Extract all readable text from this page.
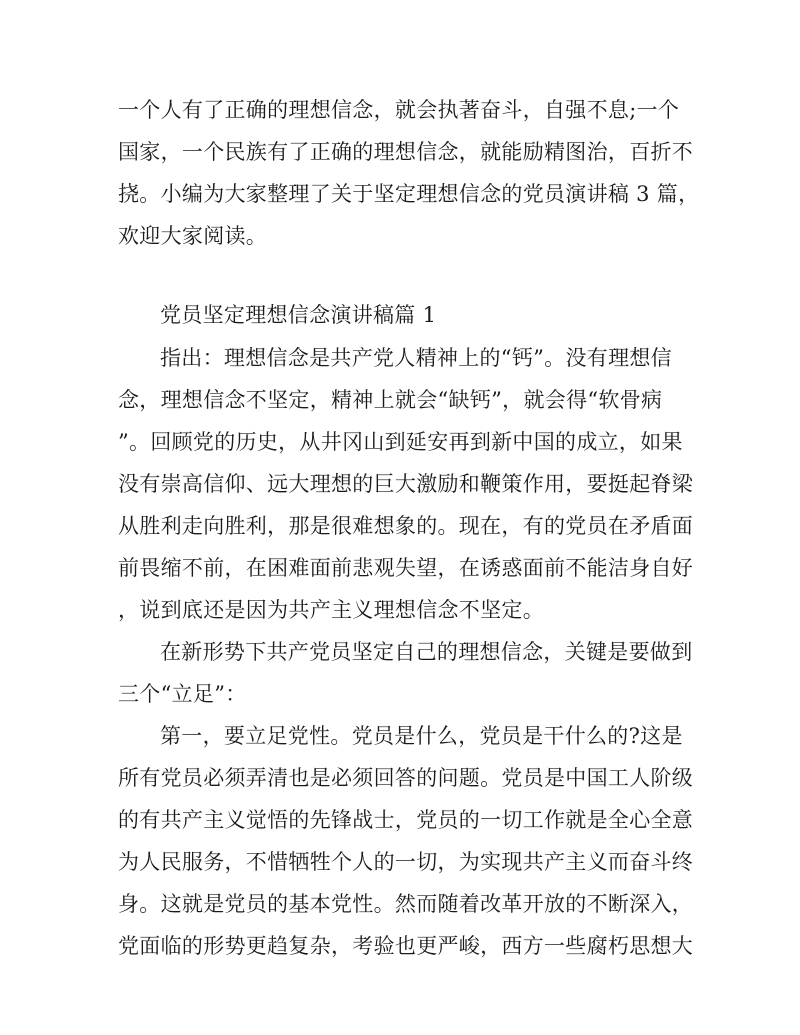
一个人有了正确的理想信念，就会执著奋斗，自强不息;一个

国家，一个民族有了正确的理想信念，就能励精图治，百折不

挠。小编为大家整理了关于坚定理想信念的党员演讲稿 3 篇，

欢迎大家阅读。

党员坚定理想信念演讲稿篇 1

指出：理想信念是共产党人精神上的“钙”。没有理想信

念，理想信念不坚定，精神上就会“缺钙”，就会得“软骨病

”。回顾党的历史，从井冈山到延安再到新中国的成立，如果

没有崇高信仰、远大理想的巨大激励和鞭策作用，要挺起脊梁

从胜利走向胜利，那是很难想象的。现在，有的党员在矛盾面

前畏缩不前，在困难面前悲观失望，在诱惑面前不能洁身自好

，说到底还是因为共产主义理想信念不坚定。

在新形势下共产党员坚定自己的理想信念，关键是要做到

三个“立足”：

第一，要立足党性。党员是什么，党员是干什么的?这是

所有党员必须弄清也是必须回答的问题。党员是中国工人阶级

的有共产主义觉悟的先锋战士，党员的一切工作就是全心全意

为人民服务，不惜牺牲个人的一切，为实现共产主义而奋斗终

身。这就是党员的基本党性。然而随着改革开放的不断深入，

党面临的形势更趋复杂，考验也更严峻，西方一些腐朽思想大
